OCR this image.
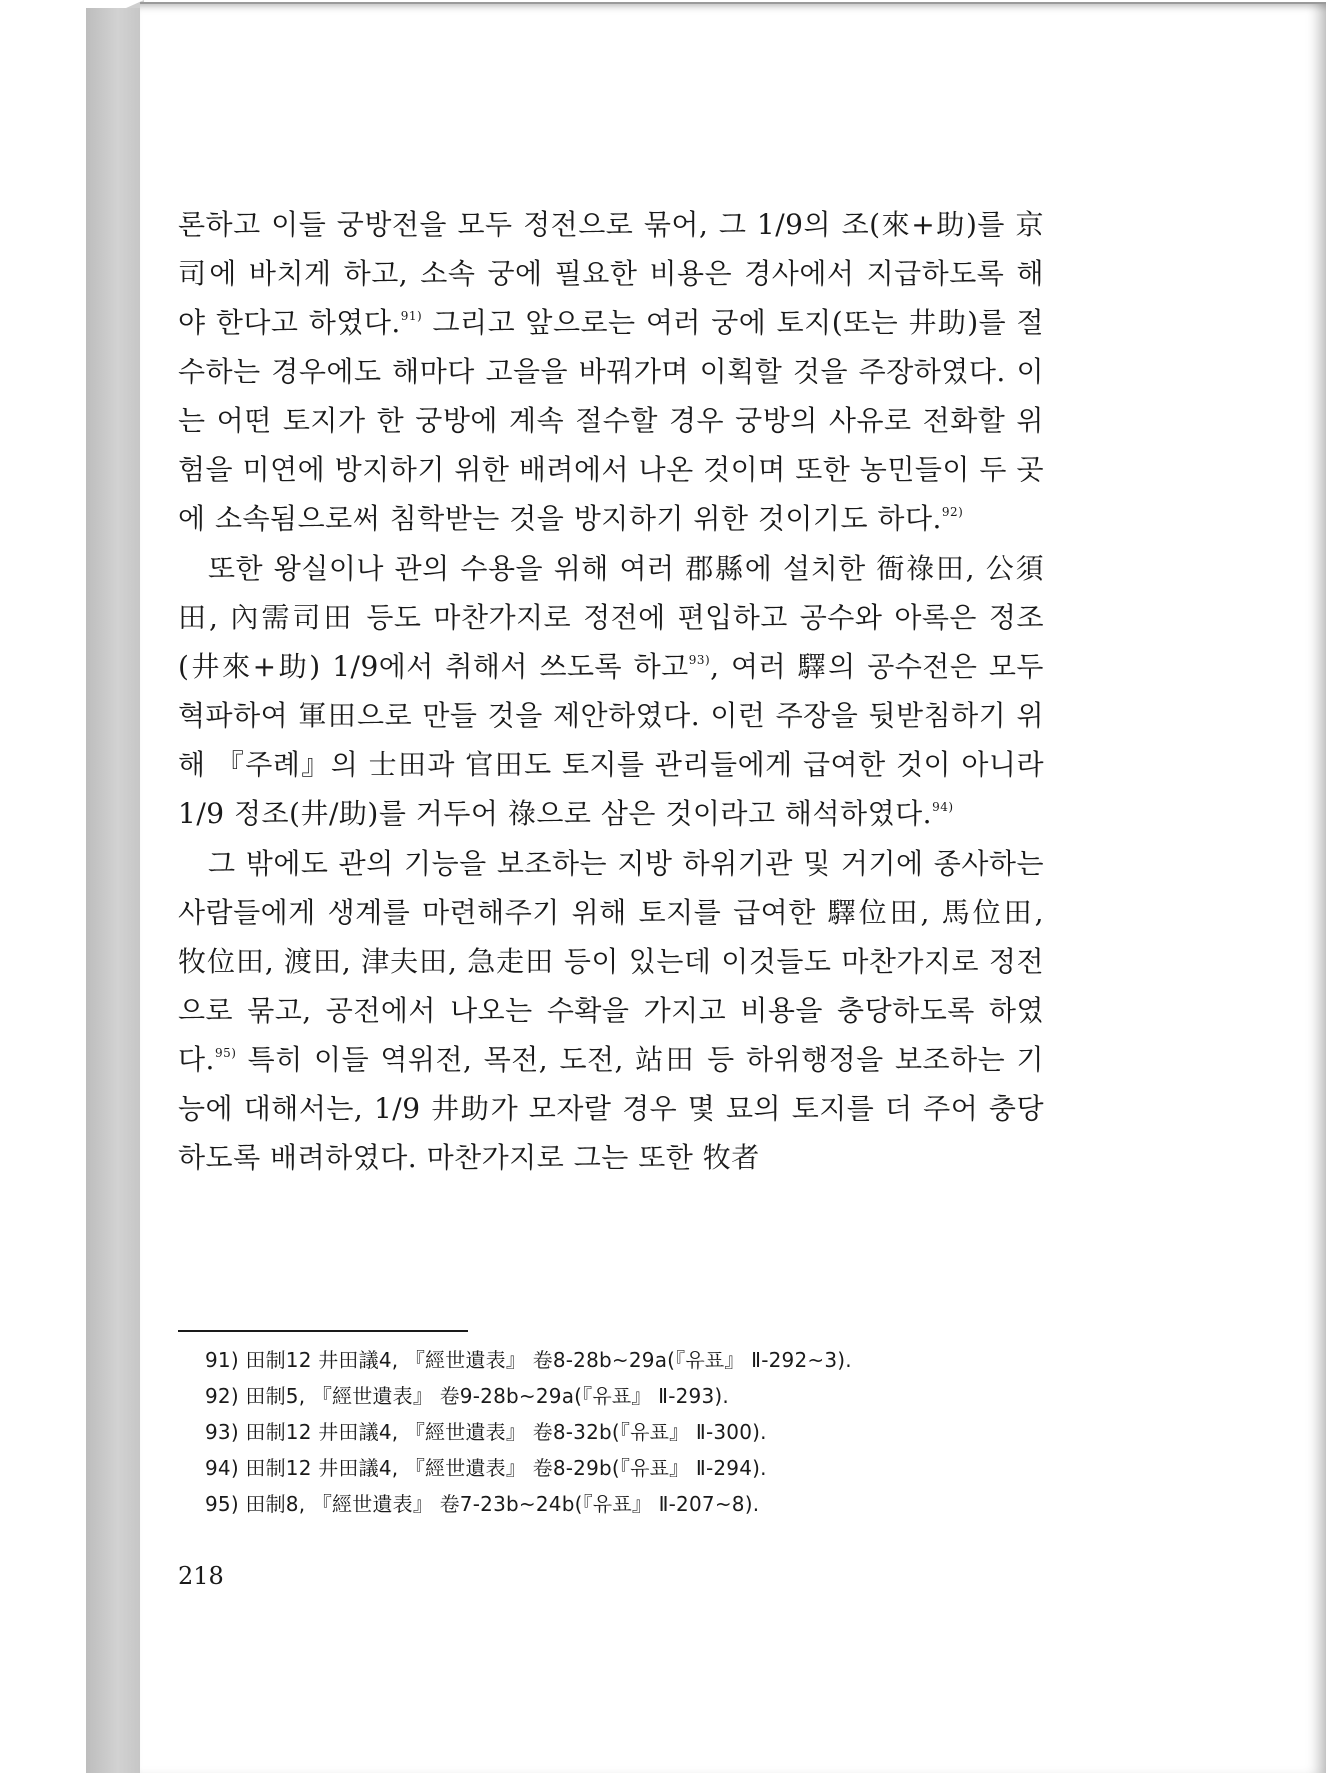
론하고 이들 궁방전을 모두 정전으로 묶어, 그 1/9의 조(來+助)를 京司에 바치게 하고, 소속 궁에 필요한 비용은 경사에서 지급하도록 해야 한다고 하였다.$^{91)}$ 그리고 앞으로는 여러 궁에 토지(또는 井助)를 절수하는 경우에도 해마다 고을을 바꿔가며 이획할 것을 주장하였다. 이는 어떤 토지가 한 궁방에 계속 절수할 경우 궁방의 사유로 전화할 위험을 미연에 방지하기 위한 배려에서 나온 것이며 또한 농민들이 두 곳에 소속됨으로써 침학받는 것을 방지하기 위한 것이기도 하다.$^{92)}$

또한 왕실이나 관의 수용을 위해 여러 郡縣에 설치한 衙祿田, 公須田, 內需司田 등도 마찬가지로 정전에 편입하고 공수와 아록은 정조(井來+助) 1/9에서 취해서 쓰도록 하고$^{93)}$, 여러 驛의 공수전은 모두 혁파하여 軍田으로 만들 것을 제안하였다. 이런 주장을 뒷받침하기 위해 『주례』의 士田과 官田도 토지를 관리들에게 급여한 것이 아니라 1/9 정조(井/助)를 거두어 祿으로 삼은 것이라고 해석하였다.$^{94)}$

그 밖에도 관의 기능을 보조하는 지방 하위기관 및 거기에 종사하는 사람들에게 생계를 마련해주기 위해 토지를 급여한 驛位田, 馬位田, 牧位田, 渡田, 津夫田, 急走田 등이 있는데 이것들도 마찬가지로 정전으로 묶고, 공전에서 나오는 수확을 가지고 비용을 충당하도록 하였다.$^{95)}$ 특히 이들 역위전, 목전, 도전, 站田 등 하위행정을 보조하는 기능에 대해서는, 1/9 井助가 모자랄 경우 몇 묘의 토지를 더 주어 충당하도록 배려하였다. 마찬가지로 그는 또한 牧者

91) 田制12 井田議4, 『經世遺表』 卷8-28b~29a(『유표』 Ⅱ-292~3).
92) 田制5, 『經世遺表』 卷9-28b~29a(『유표』 Ⅱ-293).
93) 田制12 井田議4, 『經世遺表』 卷8-32b(『유표』 Ⅱ-300).
94) 田制12 井田議4, 『經世遺表』 卷8-29b(『유표』 Ⅱ-294).
95) 田制8, 『經世遺表』 卷7-23b~24b(『유표』 Ⅱ-207~8).
218
